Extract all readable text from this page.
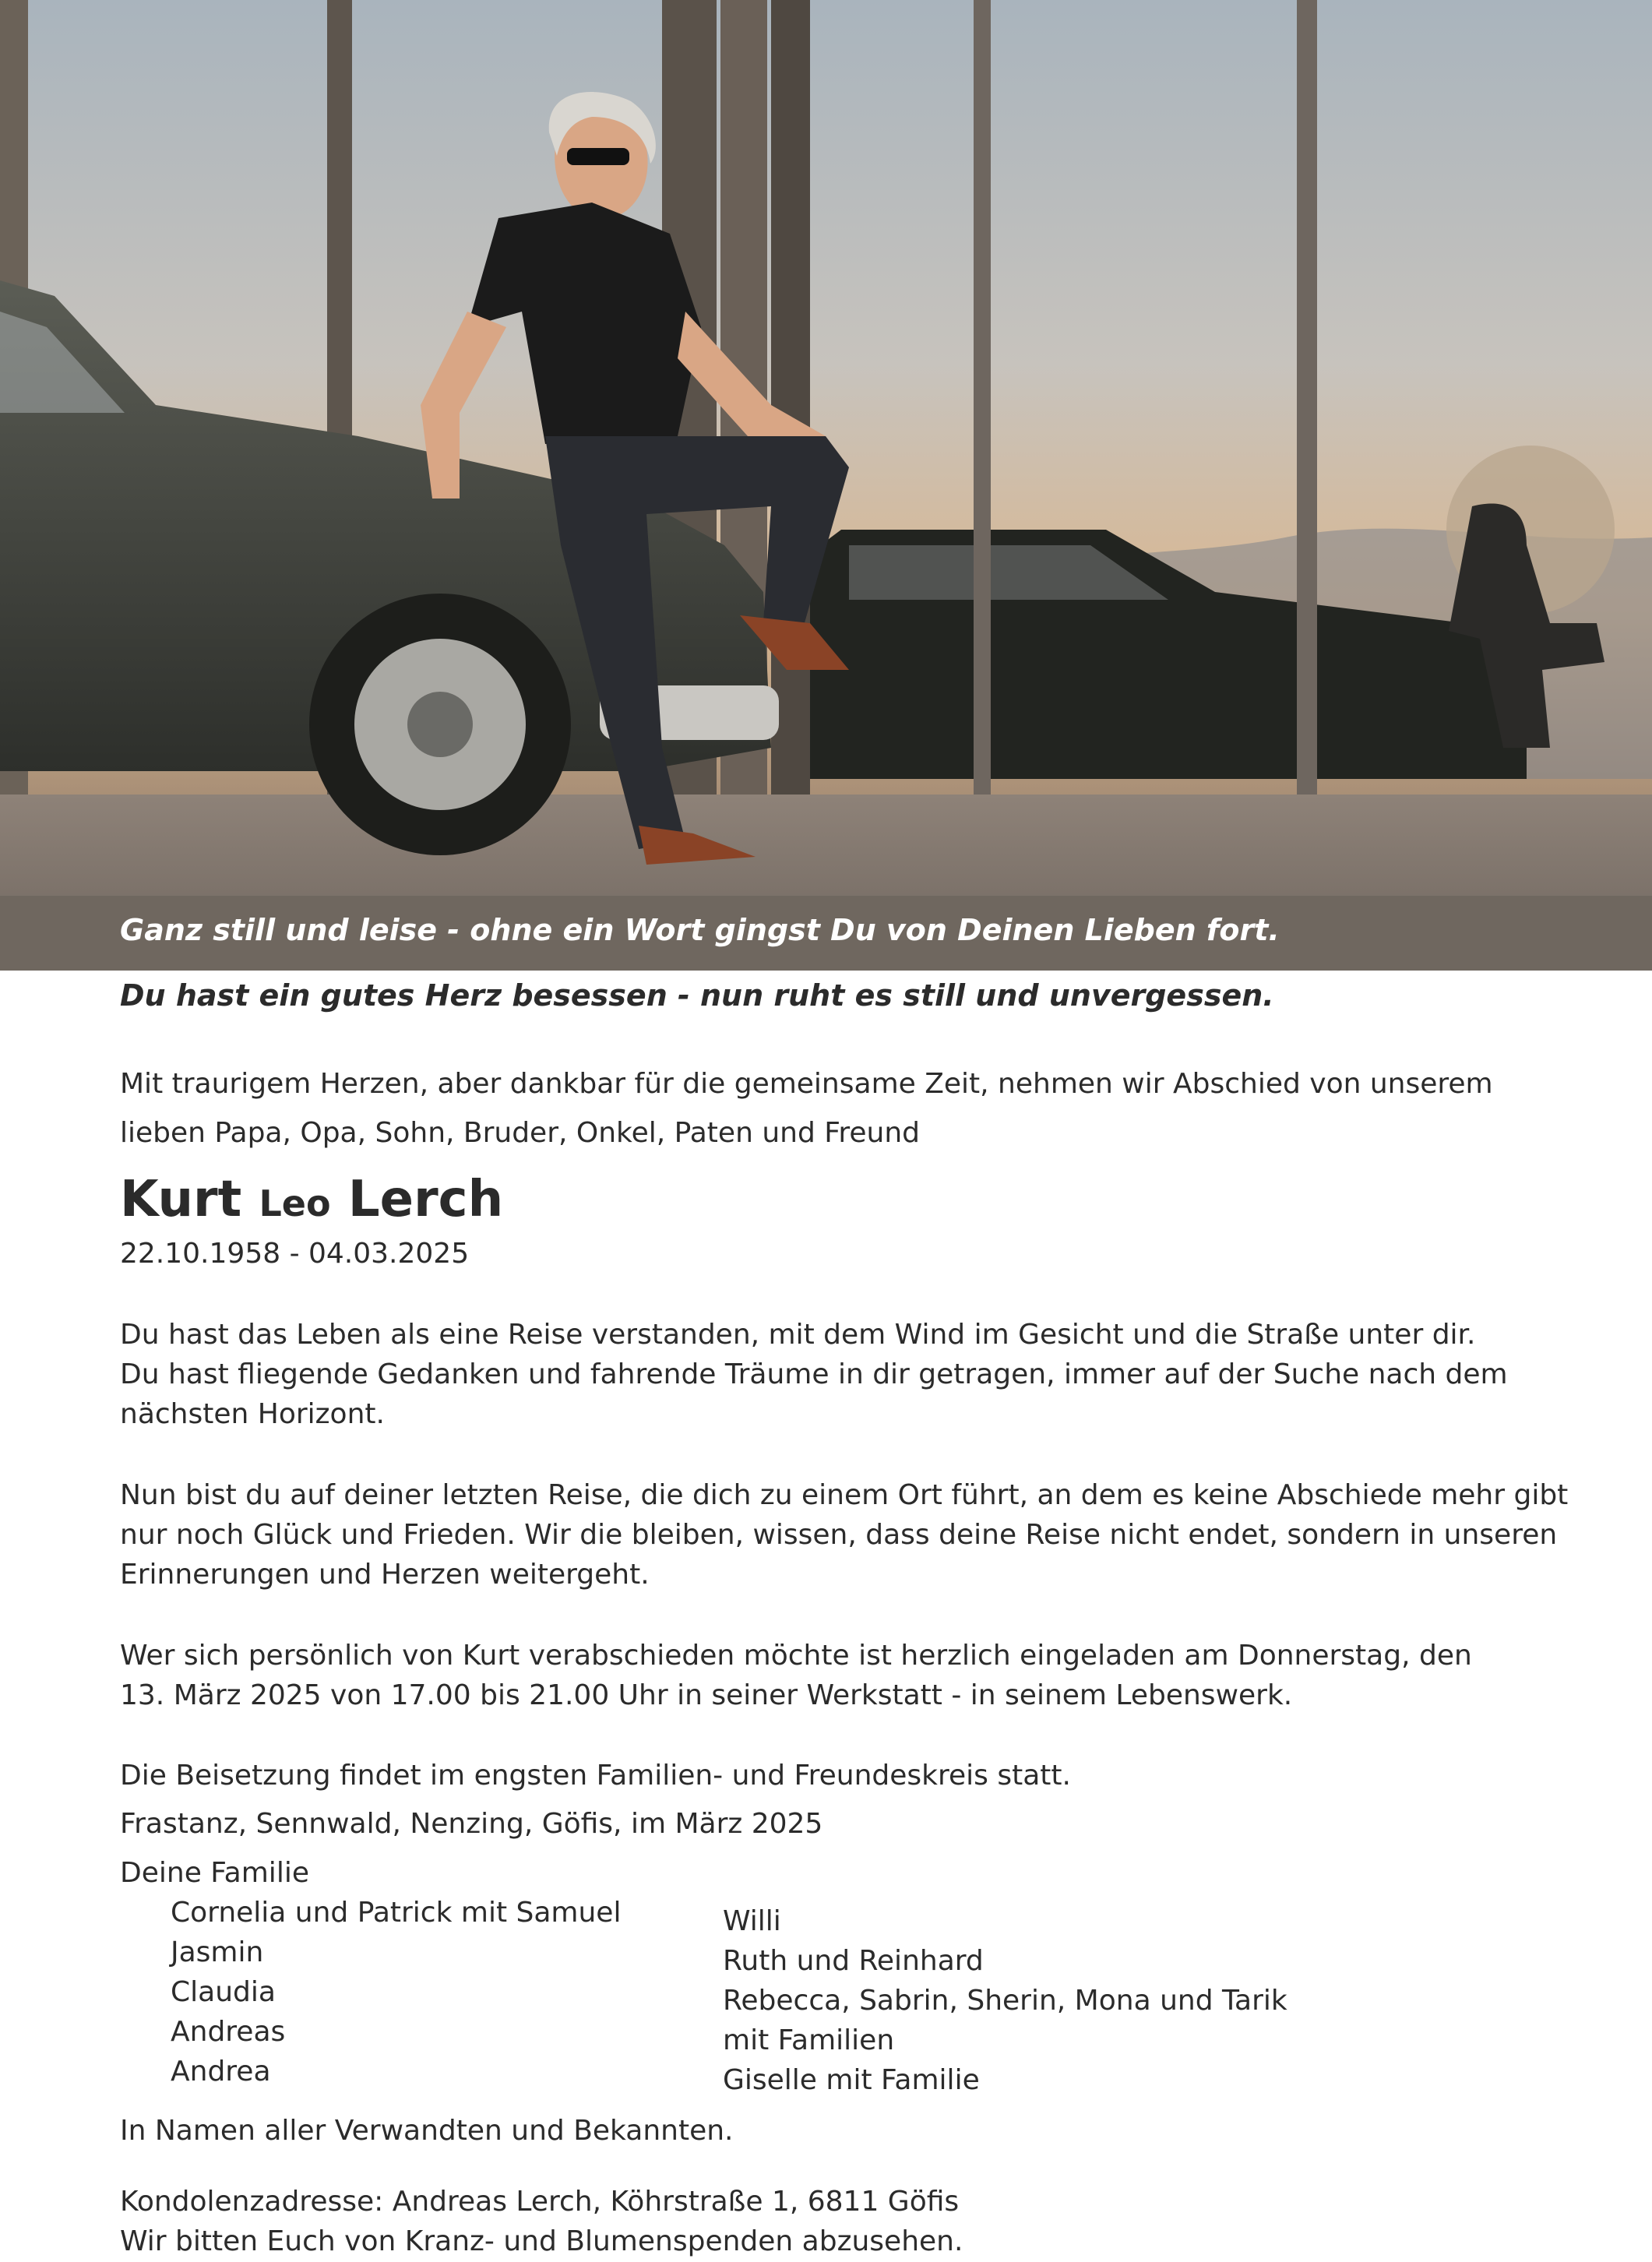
Ganz still und leise - ohne ein Wort gingst Du von Deinen Lieben fort.

Du hast ein gutes Herz besessen - nun ruht es still und unvergessen.

Mit traurigem Herzen, aber dankbar für die gemeinsame Zeit, nehmen wir Abschied von unserem

lieben Papa, Opa, Sohn, Bruder, Onkel, Paten und Freund

Kurt Leo Lerch

22.10.1958 - 04.03.2025

Du hast das Leben als eine Reise verstanden, mit dem Wind im Gesicht und die Straße unter dir.

Du hast fliegende Gedanken und fahrende Träume in dir getragen, immer auf der Suche nach dem

nächsten Horizont.

Nun bist du auf deiner letzten Reise, die dich zu einem Ort führt, an dem es keine Abschiede mehr gibt

nur noch Glück und Frieden. Wir die bleiben, wissen, dass deine Reise nicht endet, sondern in unseren

Erinnerungen und Herzen weitergeht.

Wer sich persönlich von Kurt verabschieden möchte ist herzlich eingeladen am Donnerstag, den

13. März 2025 von 17.00 bis 21.00 Uhr in seiner Werkstatt - in seinem Lebenswerk.

Die Beisetzung findet im engsten Familien- und Freundeskreis statt.

Frastanz, Sennwald, Nenzing, Göfis, im März 2025

Deine Familie

Cornelia und Patrick mit Samuel
Jasmin
Claudia
Andreas
Andrea
Willi
Ruth und Reinhard
Rebecca, Sabrin, Sherin, Mona und Tarik
mit Familien
Giselle mit Familie

In Namen aller Verwandten und Bekannten.

Kondolenzadresse: Andreas Lerch, Köhrstraße 1, 6811 Göfis

Wir bitten Euch von Kranz- und Blumenspenden abzusehen.
